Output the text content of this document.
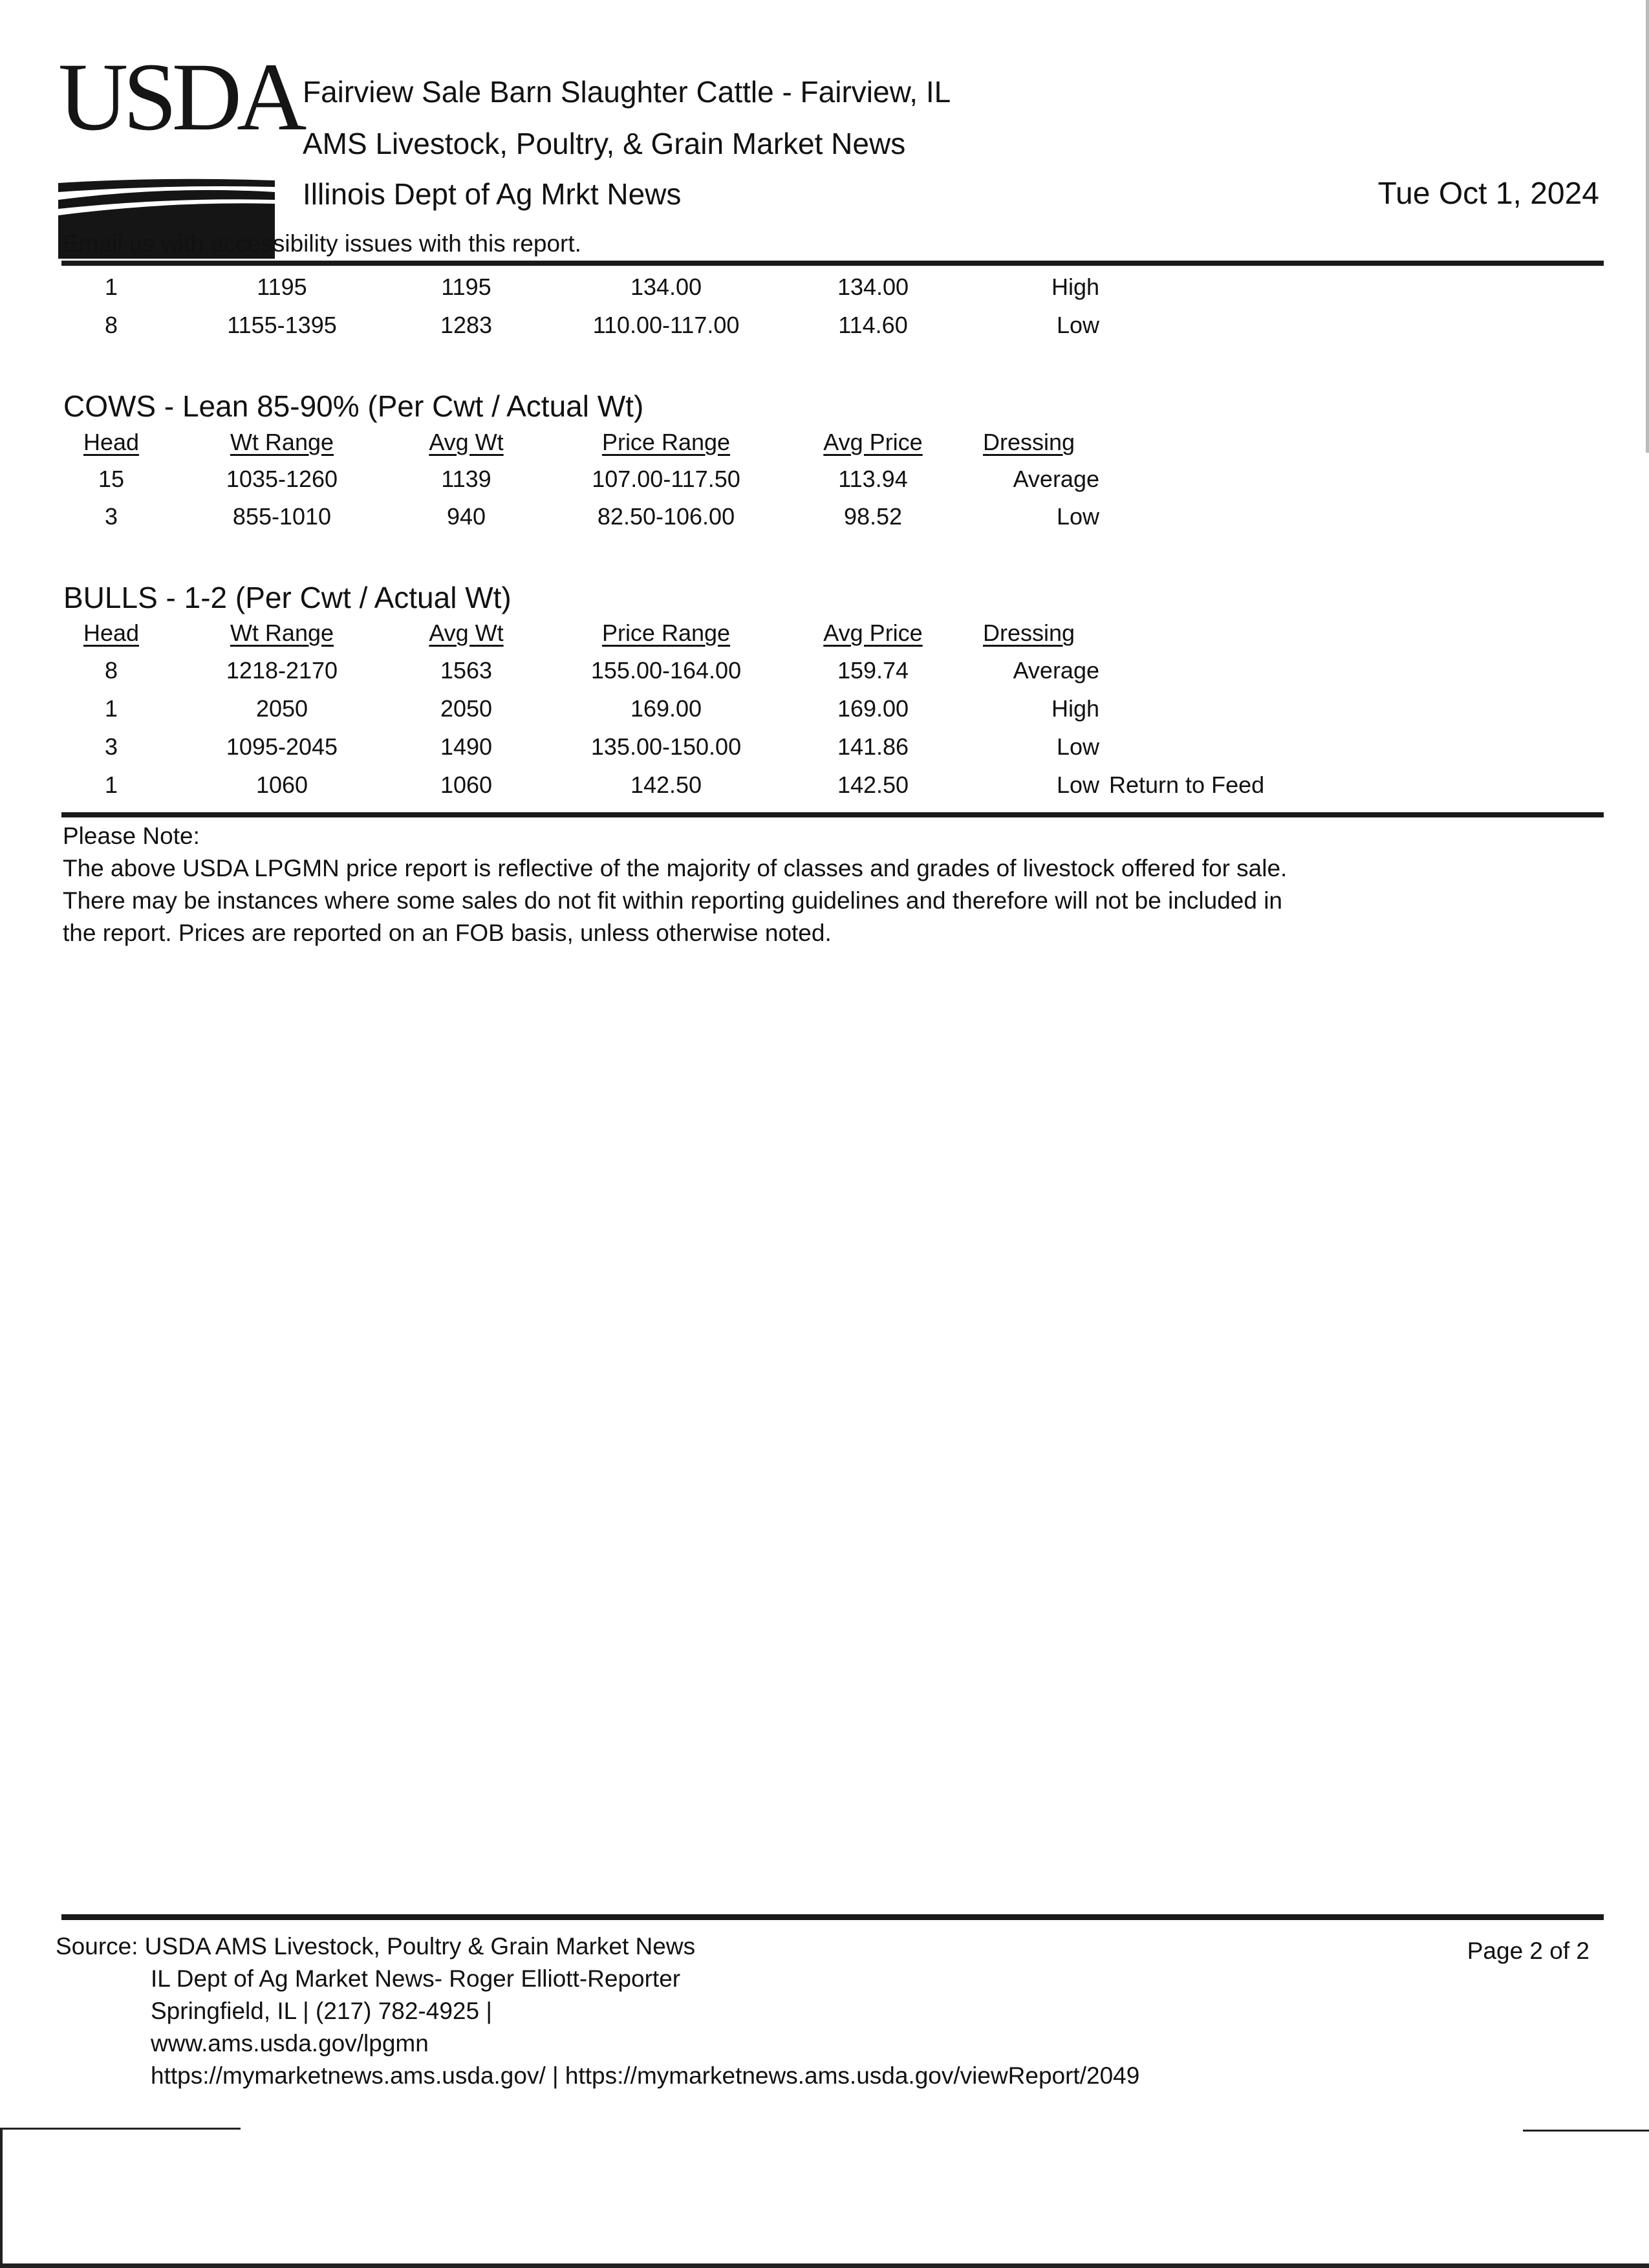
USDA Fairview Sale Barn Slaughter Cattle - Fairview, IL
AMS Livestock, Poultry, & Grain Market News
Illinois Dept of Ag Mrkt News	Tue Oct 1, 2024
Email us with accessibility issues with this report.
1	1195	1195	134.00	134.00	High
8	1155-1395	1283	110.00-117.00	114.60	Low
COWS - Lean 85-90% (Per Cwt / Actual Wt)
Head	Wt Range	Avg Wt	Price Range	Avg Price	Dressing
15	1035-1260	1139	107.00-117.50	113.94	Average
3	855-1010	940	82.50-106.00	98.52	Low
BULLS - 1-2 (Per Cwt / Actual Wt)
Head	Wt Range	Avg Wt	Price Range	Avg Price	Dressing
8	1218-2170	1563	155.00-164.00	159.74	Average
1	2050	2050	169.00	169.00	High
3	1095-2045	1490	135.00-150.00	141.86	Low
1	1060	1060	142.50	142.50	Low Return to Feed

Please Note:

The above USDA LPGMN price report is reflective of the majority of classes and grades of livestock offered for sale.

There may be instances where some sales do not fit within reporting guidelines and therefore will not be included in

the report. Prices are reported on an FOB basis, unless otherwise noted.

Source: USDA AMS Livestock, Poultry & Grain Market News
IL Dept of Ag Market News- Roger Elliott-Reporter
Springfield, IL | (217) 782-4925 |
www.ams.usda.gov/lpgmn
https://mymarketnews.ams.usda.gov/ | https://mymarketnews.ams.usda.gov/viewReport/2049
Page 2 of 2
